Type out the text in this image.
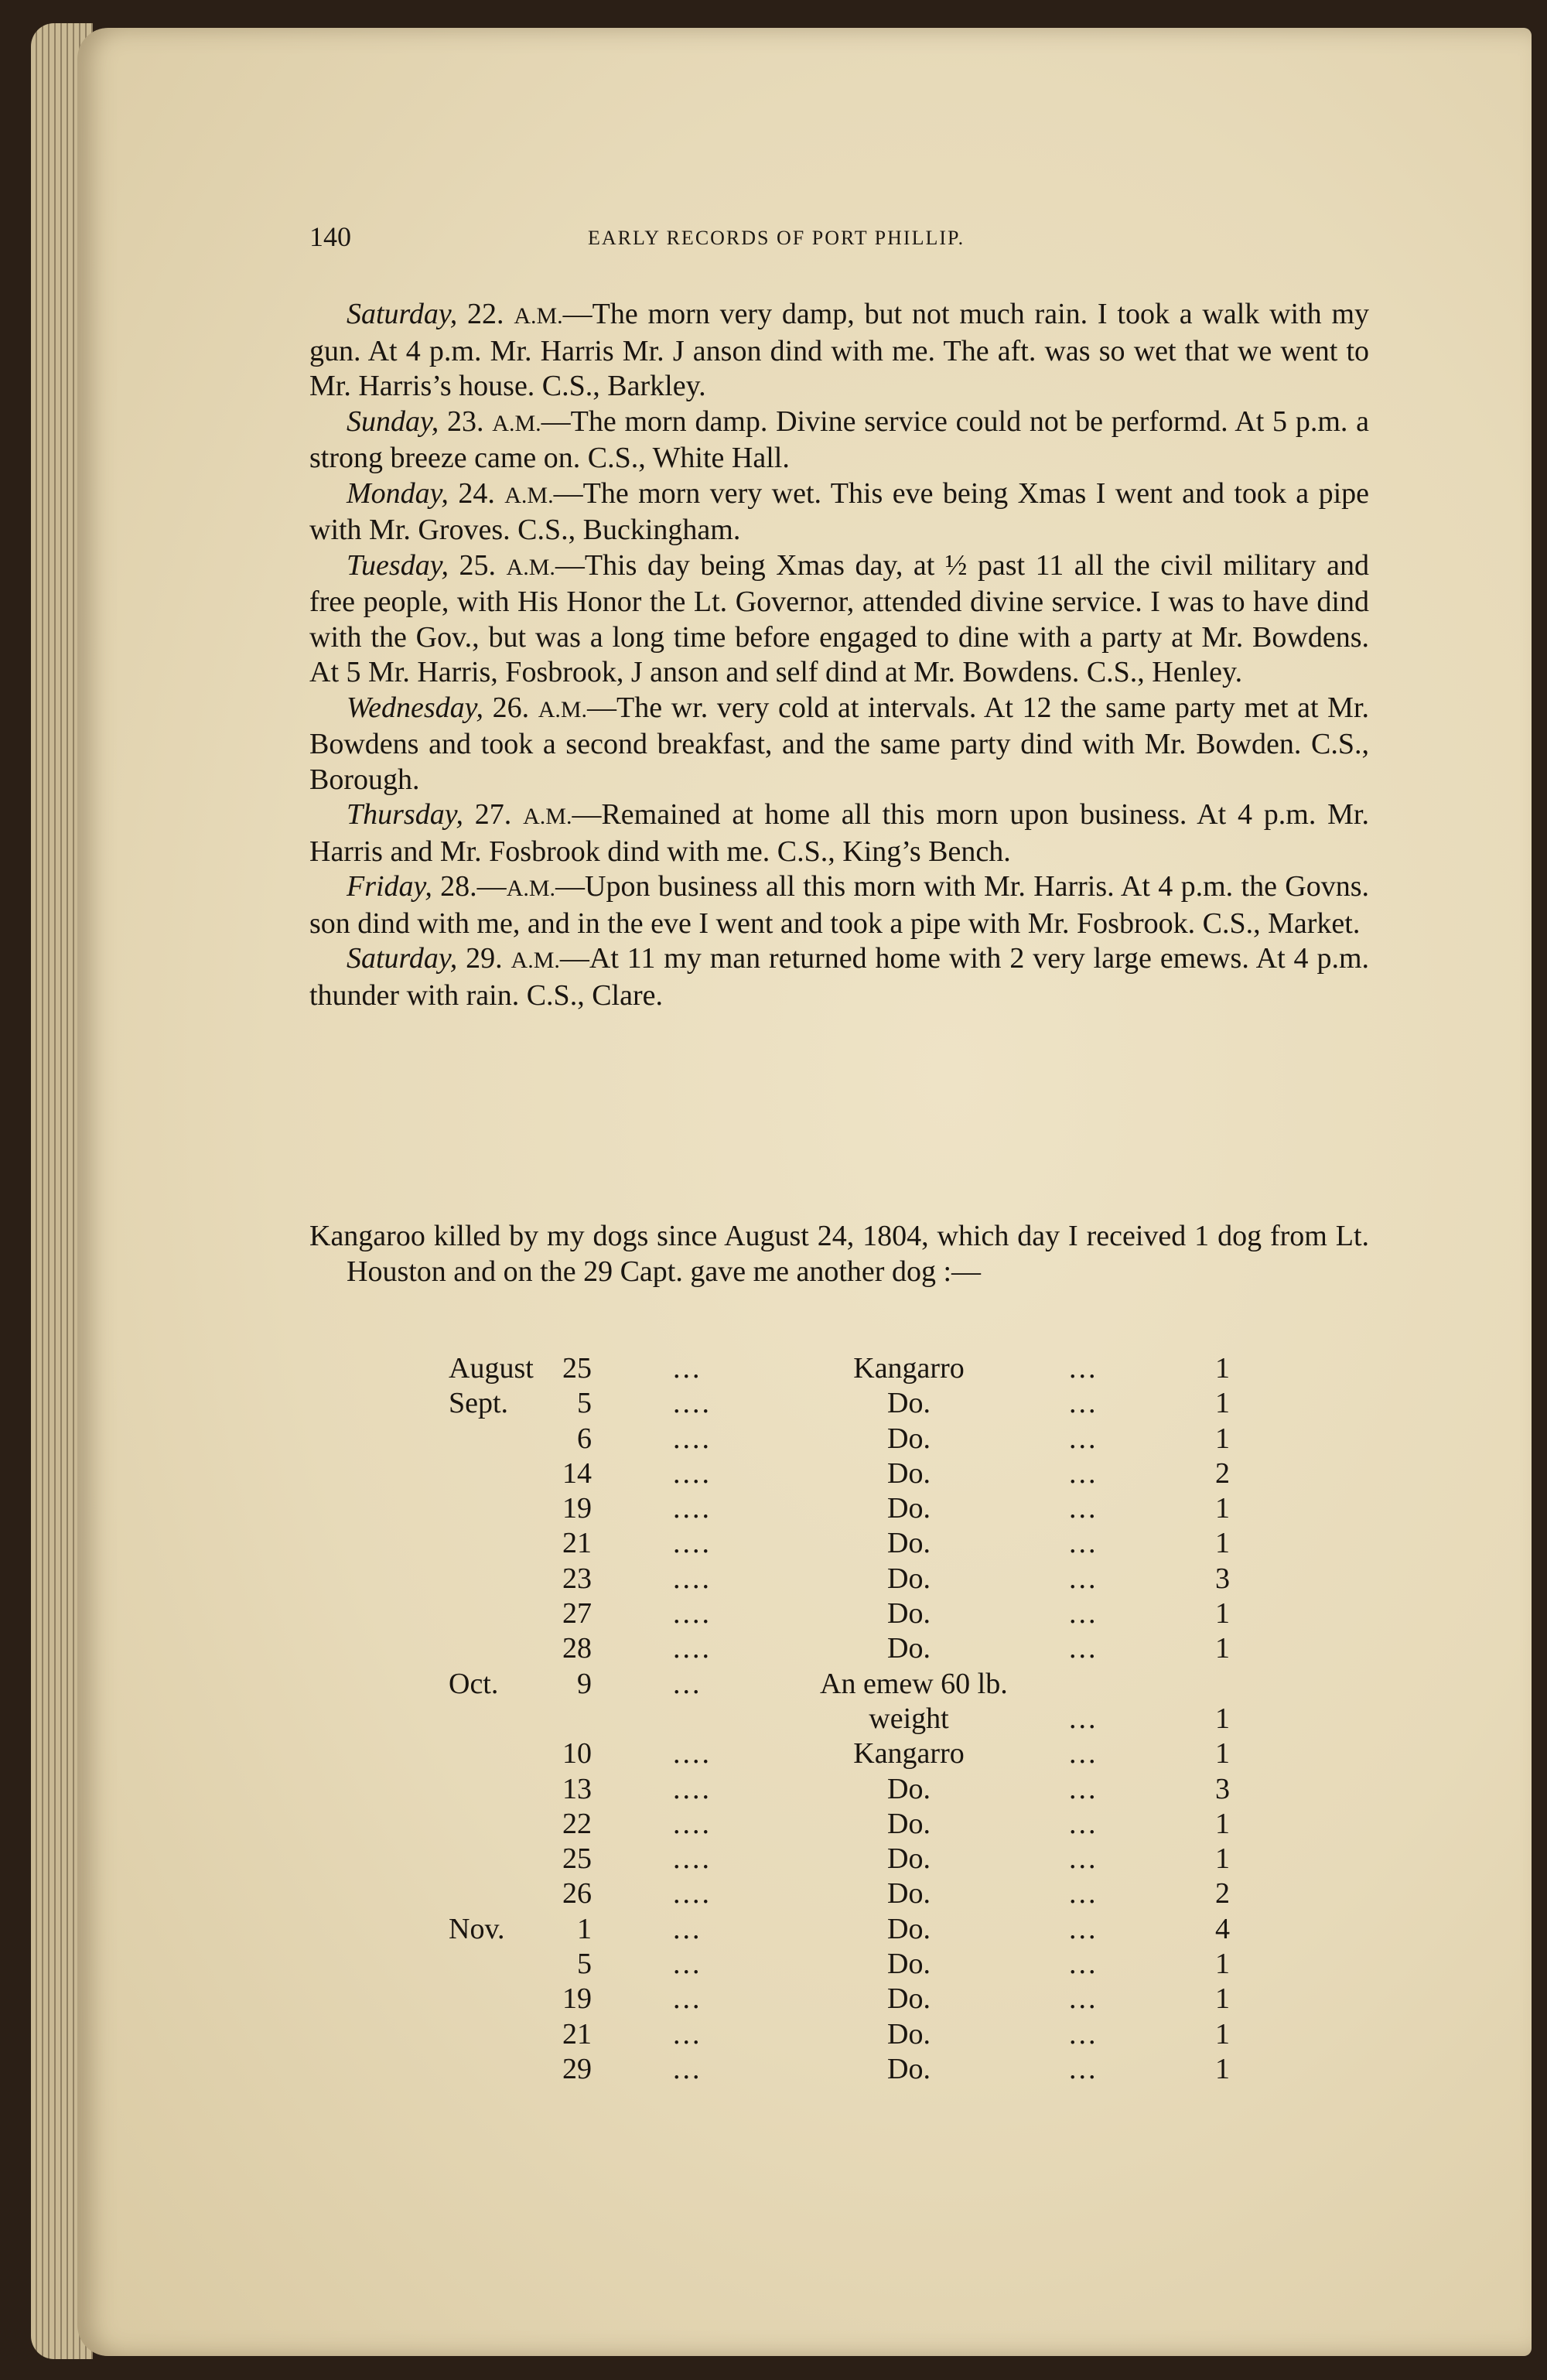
140	EARLY RECORDS OF PORT PHILLIP.

Saturday, 22. A.M.—The morn very damp, but not much rain. I took a walk with my gun. At 4 p.m. Mr. Harris Mr. J anson dind with me. The aft. was so wet that we went to Mr. Harris’s house. C.S., Barkley.

Sunday, 23. A.M.—The morn damp. Divine service could not be performd. At 5 p.m. a strong breeze came on. C.S., White Hall.

Monday, 24. A.M.—The morn very wet. This eve being Xmas I went and took a pipe with Mr. Groves. C.S., Buckingham.

Tuesday, 25. A.M.—This day being Xmas day, at ½ past 11 all the civil military and free people, with His Honor the Lt. Governor, attended divine service. I was to have dind with the Gov., but was a long time before engaged to dine with a party at Mr. Bowdens. At 5 Mr. Harris, Fosbrook, J anson and self dind at Mr. Bowdens. C.S., Henley.

Wednesday, 26. A.M.—The wr. very cold at intervals. At 12 the same party met at Mr. Bowdens and took a second breakfast, and the same party dind with Mr. Bowden. C.S., Borough.

Thursday, 27. A.M.—Remained at home all this morn upon business. At 4 p.m. Mr. Harris and Mr. Fosbrook dind with me. C.S., King’s Bench.

Friday, 28.—A.M.—Upon business all this morn with Mr. Harris. At 4 p.m. the Govns. son dind with me, and in the eve I went and took a pipe with Mr. Fosbrook. C.S., Market.

Saturday, 29. A.M.—At 11 my man returned home with 2 very large emews. At 4 p.m. thunder with rain. C.S., Clare.

Kangaroo killed by my dogs since August 24, 1804, which day I received 1 dog from Lt. Houston and on the 29 Capt. gave me another dog :—
August 25	...	Kangarro	...	1
Sept.	5	....	Do.	...	1
6	....	Do.	...	1
14	....	Do.	...	2
19	....	Do.	...	1
21	....	Do.	...	1
23	....	Do.	...	3
27	....	Do.	...	1
28	....	Do.	...	1
Oct.	9	...	An emew 60 lb.
weight	...	1
10	....	Kangarro	...	1
13	....	Do.	...	3
22	....	Do.	...	1
25	....	Do.	...	1
26	....	Do.	...	2
Nov.	1	...	Do.	...	4
5	...	Do.	...	1
19	...	Do.	...	1
21	...	Do.	...	1
29	...	Do.	...	1
